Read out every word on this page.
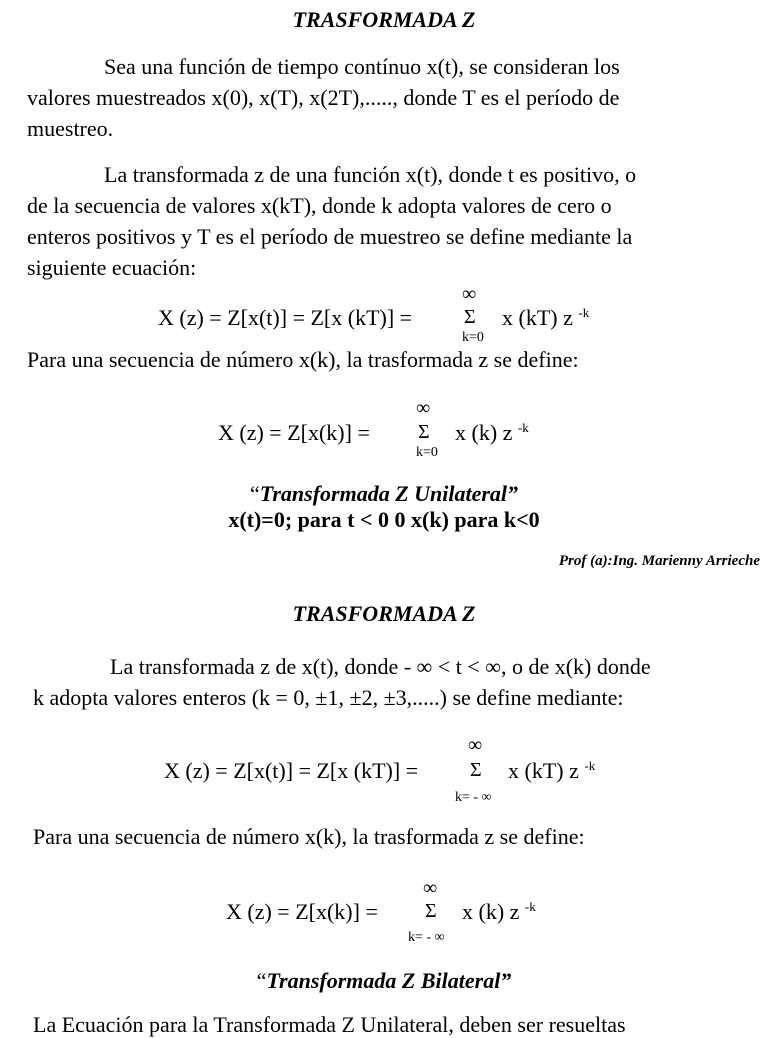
TRASFORMADA Z
Sea una función de tiempo contínuo x(t), se consideran los
valores muestreados x(0), x(T), x(2T),....., donde T es el período de
muestreo.
La transformada z de una función x(t), donde t es positivo, o
de la secuencia de valores x(kT), donde k adopta valores de cero o
enteros positivos y T es el período de muestreo se define mediante la
siguiente ecuación:
∞
X (z) = Z[x(t)] = Z[x (kT)] =	Σ x (kT) z $^{-k}$
k=0
Para una secuencia de número x(k), la trasformada z se define:
∞
X (z) = Z[x(k)] = Σ x (k) z $^{-k}$
k=0
“Transformada Z Unilateral”
x(t)=0; para t < 0 0 x(k) para k<0
Prof (a):Ing. Marienny Arrieche
TRASFORMADA Z
La transformada z de x(t), donde - ∞ < t < ∞, o de x(k) donde
k adopta valores enteros (k = 0, ±1, ±2, ±3,.....) se define mediante:
∞
X (z) = Z[x(t)] = Z[x (kT)] =	Σ x (kT) z $^{-k}$
k= - ∞
Para una secuencia de número x(k), la trasformada z se define:
∞
X (z) = Z[x(k)] = Σ x (k) z $^{-k}$
k= - ∞
“Transformada Z Bilateral”
La Ecuación para la Transformada Z Unilateral, deben ser resueltas
